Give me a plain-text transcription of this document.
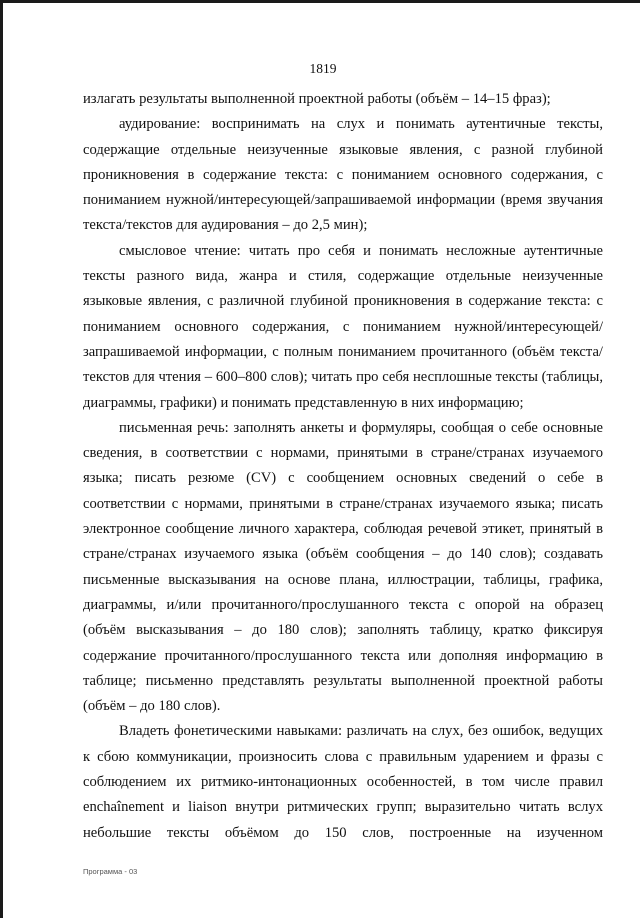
1819

излагать результаты выполненной проектной работы (объём – 14–15 фраз);

аудирование: воспринимать на слух и понимать аутентичные тексты, содержащие отдельные неизученные языковые явления, с разной глубиной проникновения в содержание текста: с пониманием основного содержания, с пониманием нужной/интересующей/запрашиваемой информации (время звучания текста/текстов для аудирования – до 2,5 мин);

смысловое чтение: читать про себя и понимать несложные аутентичные тексты разного вида, жанра и стиля, содержащие отдельные неизученные языковые явления, с различной глубиной проникновения в содержание текста: с пониманием основного содержания, с пониманием нужной/интересующей/запрашиваемой информации, с полным пониманием прочитанного (объём текста/текстов для чтения – 600–800 слов); читать про себя несплошные тексты (таблицы, диаграммы, графики) и понимать представленную в них информацию;

письменная речь: заполнять анкеты и формуляры, сообщая о себе основные сведения, в соответствии с нормами, принятыми в стране/странах изучаемого языка; писать резюме (CV) с сообщением основных сведений о себе в соответствии с нормами, принятыми в стране/странах изучаемого языка; писать электронное сообщение личного характера, соблюдая речевой этикет, принятый в стране/странах изучаемого языка (объём сообщения – до 140 слов); создавать письменные высказывания на основе плана, иллюстрации, таблицы, графика, диаграммы, и/или прочитанного/прослушанного текста с опорой на образец (объём высказывания – до 180 слов); заполнять таблицу, кратко фиксируя содержание прочитанного/прослушанного текста или дополняя информацию в таблице; письменно представлять результаты выполненной проектной работы (объём – до 180 слов).

Владеть фонетическими навыками: различать на слух, без ошибок, ведущих к сбою коммуникации, произносить слова с правильным ударением и фразы с соблюдением их ритмико-интонационных особенностей, в том числе правил enchaînement и liaison внутри ритмических групп; выразительно читать вслух небольшие тексты объёмом до 150 слов, построенные на изученном

Программа - 03
